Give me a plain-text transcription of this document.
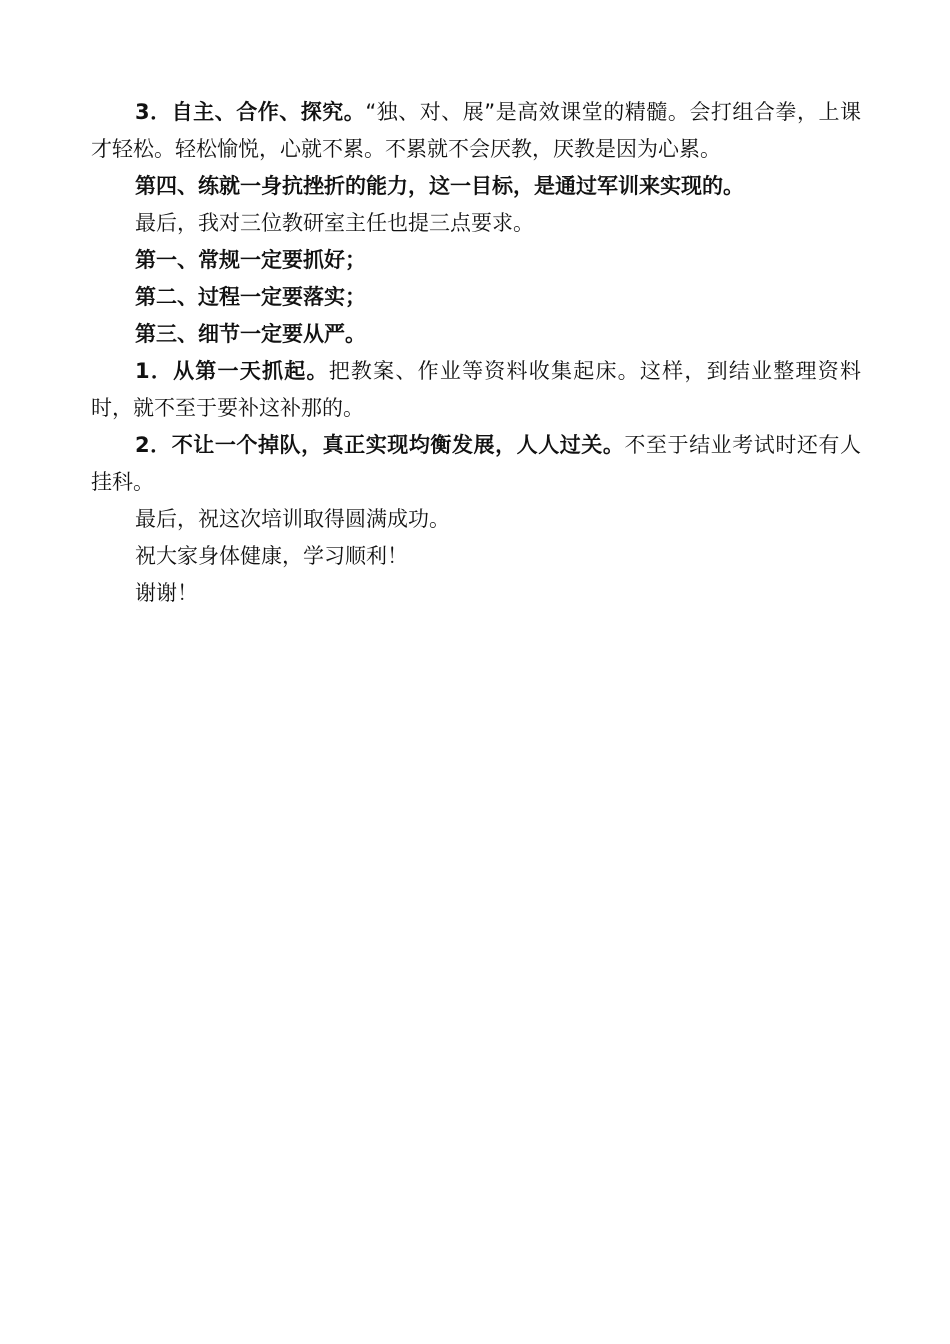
3．自主、合作、探究。“独、对、展”是高效课堂的精髓。会打组合拳，上课才轻松。轻松愉悦，心就不累。不累就不会厌教，厌教是因为心累。

第四、练就一身抗挫折的能力，这一目标，是通过军训来实现的。

最后，我对三位教研室主任也提三点要求。

第一、常规一定要抓好；

第二、过程一定要落实；

第三、细节一定要从严。

1．从第一天抓起。把教案、作业等资料收集起床。这样，到结业整理资料时，就不至于要补这补那的。

2．不让一个掉队，真正实现均衡发展，人人过关。不至于结业考试时还有人挂科。

最后，祝这次培训取得圆满成功。

祝大家身体健康，学习顺利！

谢谢！
